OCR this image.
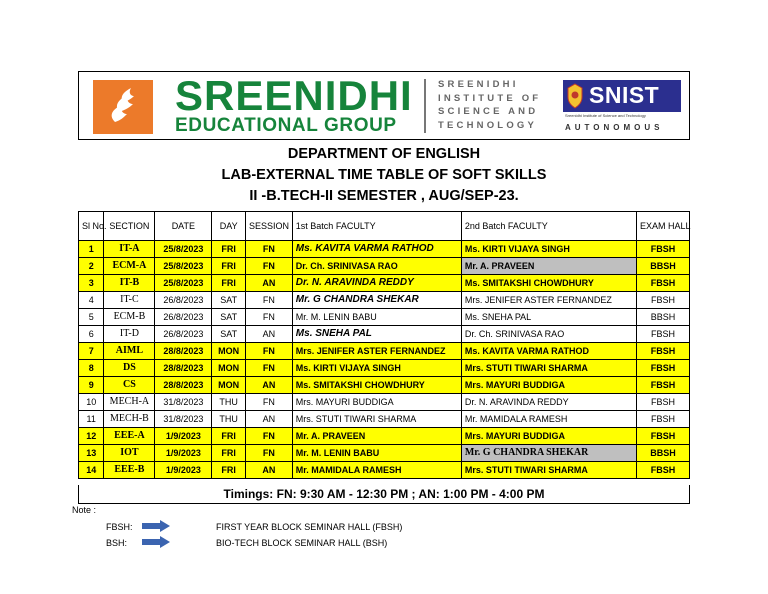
SREENIDHI
EDUCATIONAL GROUP
SREENIDHI
INSTITUTE OF
SCIENCE AND
TECHNOLOGY
SNIST
Sreenidhi Institute of Science and Technology
AUTONOMOUS
DEPARTMENT OF ENGLISH
LAB-EXTERNAL TIME TABLE OF SOFT SKILLS
II -B.TECH-II SEMESTER , AUG/SEP-23.
Sl No.	SECTION	DATE	DAY	SESSION	1st Batch FACULTY	2nd Batch FACULTY	EXAM HALL
1	IT-A	25/8/2023	FRI	FN	Ms. KAVITA VARMA RATHOD	Ms. KIRTI VIJAYA SINGH	FBSH
2	ECM-A	25/8/2023	FRI	FN	Dr. Ch. SRINIVASA RAO	Mr. A. PRAVEEN	BBSH
3	IT-B	25/8/2023	FRI	AN	Dr. N. ARAVINDA REDDY	Ms. SMITAKSHI CHOWDHURY	FBSH
4	IT-C	26/8/2023	SAT	FN	Mr. G CHANDRA SHEKAR	Mrs. JENIFER ASTER FERNANDEZ	FBSH
5	ECM-B	26/8/2023	SAT	FN	Mr. M. LENIN BABU	Ms. SNEHA PAL	BBSH
6	IT-D	26/8/2023	SAT	AN	Ms. SNEHA PAL	Dr. Ch. SRINIVASA RAO	FBSH
7	AIML	28/8/2023	MON	FN	Mrs. JENIFER ASTER FERNANDEZ	Ms. KAVITA VARMA RATHOD	FBSH
8	DS	28/8/2023	MON	FN	Ms. KIRTI VIJAYA SINGH	Mrs. STUTI TIWARI SHARMA	FBSH
9	CS	28/8/2023	MON	AN	Ms. SMITAKSHI CHOWDHURY	Mrs. MAYURI BUDDIGA	FBSH
10	MECH-A	31/8/2023	THU	FN	Mrs. MAYURI BUDDIGA	Dr. N. ARAVINDA REDDY	FBSH
11	MECH-B	31/8/2023	THU	AN	Mrs. STUTI TIWARI SHARMA	Mr. MAMIDALA RAMESH	FBSH
12	EEE-A	1/9/2023	FRI	FN	Mr. A. PRAVEEN	Mrs. MAYURI BUDDIGA	FBSH
13	IOT	1/9/2023	FRI	FN	Mr. M. LENIN BABU	Mr. G CHANDRA SHEKAR	BBSH
14	EEE-B	1/9/2023	FRI	AN	Mr. MAMIDALA RAMESH	Mrs. STUTI TIWARI SHARMA	FBSH
Timings: FN: 9:30 AM - 12:30 PM ; AN: 1:00 PM - 4:00 PM
Note :
FBSH:	FIRST YEAR BLOCK SEMINAR HALL (FBSH)
BSH:	BIO-TECH BLOCK SEMINAR HALL (BSH)
